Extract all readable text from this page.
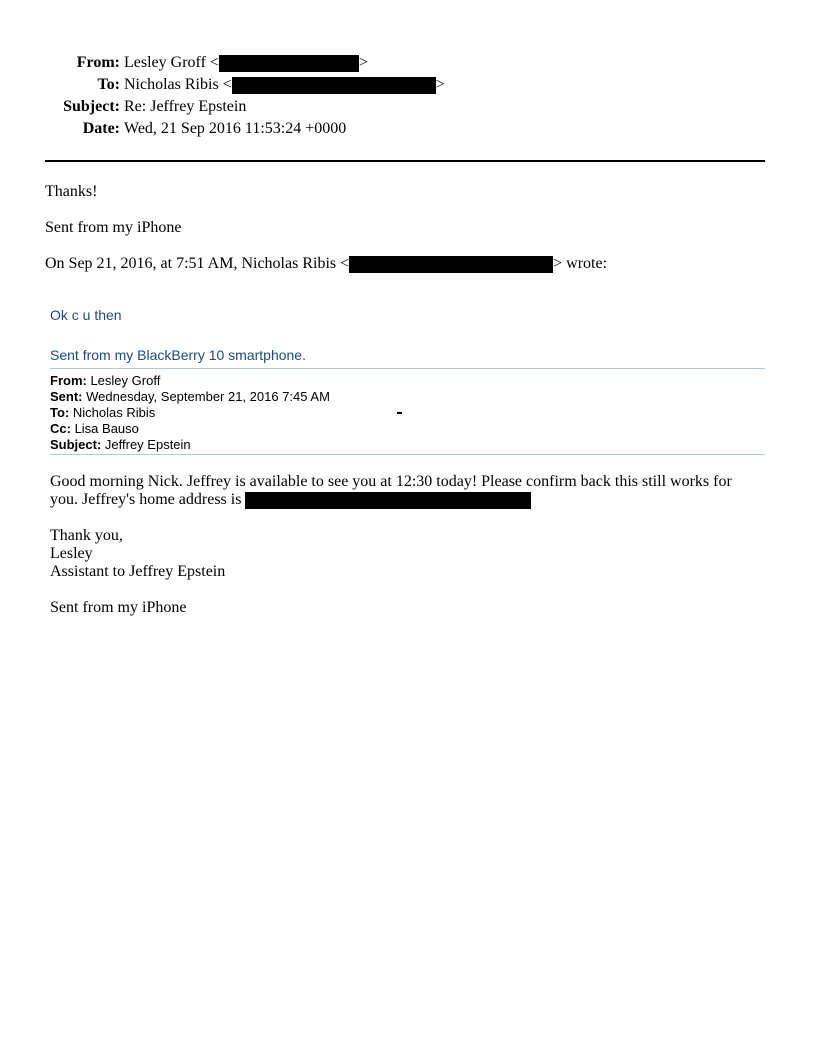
From: Lesley Groff <	>
To: Nicholas Ribis <	>
Subject: Re: Jeffrey Epstein
Date: Wed, 21 Sep 2016 11:53:24 +0000
Thanks!
Sent from my iPhone
On Sep 21, 2016, at 7:51 AM, Nicholas Ribis <	> wrote:
Ok c u then
Sent from my BlackBerry 10 smartphone.
From: Lesley Groff
Sent: Wednesday, September 21, 2016 7:45 AM
To: Nicholas Ribis
Cc: Lisa Bauso
Subject: Jeffrey Epstein
Good morning Nick. Jeffrey is available to see you at 12:30 today! Please confirm back this still works for
you. Jeffrey's home address is
Thank you,
Lesley
Assistant to Jeffrey Epstein
Sent from my iPhone
